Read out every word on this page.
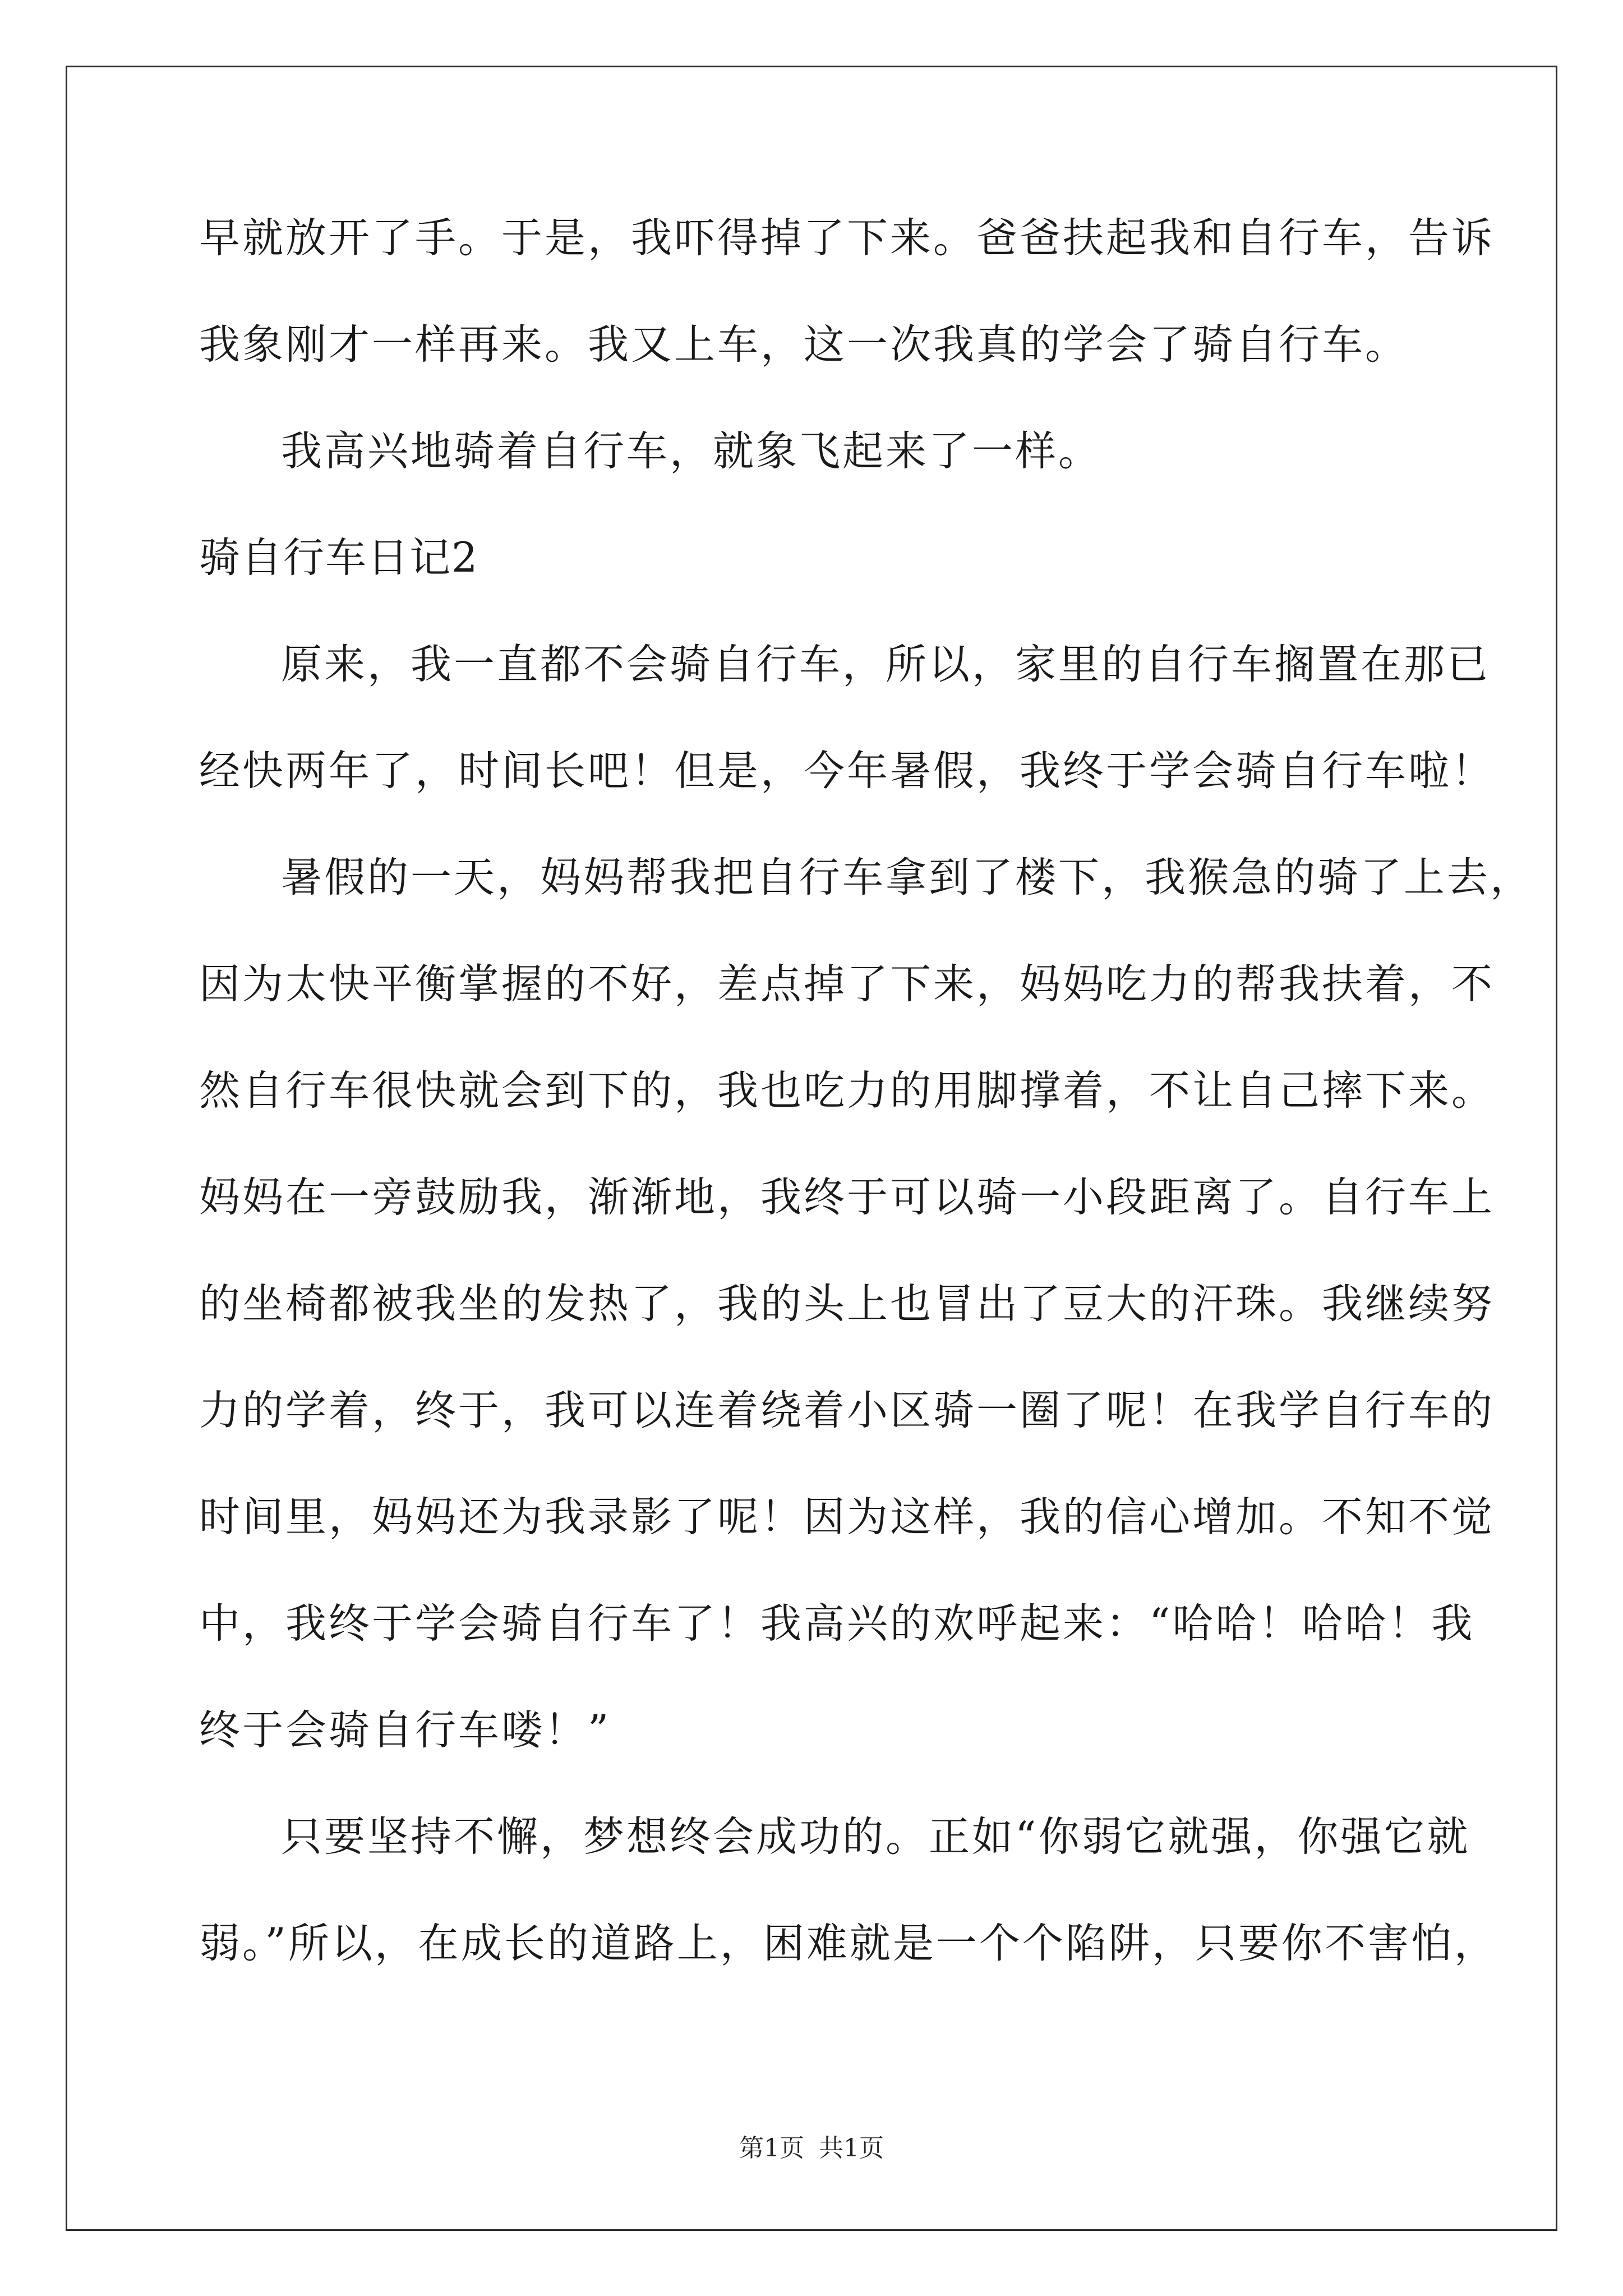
早就放开了手。于是，我吓得掉了下来。爸爸扶起我和自行车，告诉
我象刚才一样再来。我又上车，这一次我真的学会了骑自行车。
我高兴地骑着自行车，就象飞起来了一样。
骑自行车日记2
原来，我一直都不会骑自行车，所以，家里的自行车搁置在那已
经快两年了，时间长吧！但是，今年暑假，我终于学会骑自行车啦！
暑假的一天，妈妈帮我把自行车拿到了楼下，我猴急的骑了上去，
因为太快平衡掌握的不好，差点掉了下来，妈妈吃力的帮我扶着，不
然自行车很快就会到下的，我也吃力的用脚撑着，不让自己摔下来。
妈妈在一旁鼓励我，渐渐地，我终于可以骑一小段距离了。自行车上
的坐椅都被我坐的发热了，我的头上也冒出了豆大的汗珠。我继续努
力的学着，终于，我可以连着绕着小区骑一圈了呢！在我学自行车的
时间里，妈妈还为我录影了呢！因为这样，我的信心增加。不知不觉
中，我终于学会骑自行车了！我高兴的欢呼起来：“哈哈！哈哈！我
终于会骑自行车喽！”
只要坚持不懈，梦想终会成功的。正如“你弱它就强，你强它就
弱。”所以，在成长的道路上，困难就是一个个陷阱，只要你不害怕，
第1页 共1页
